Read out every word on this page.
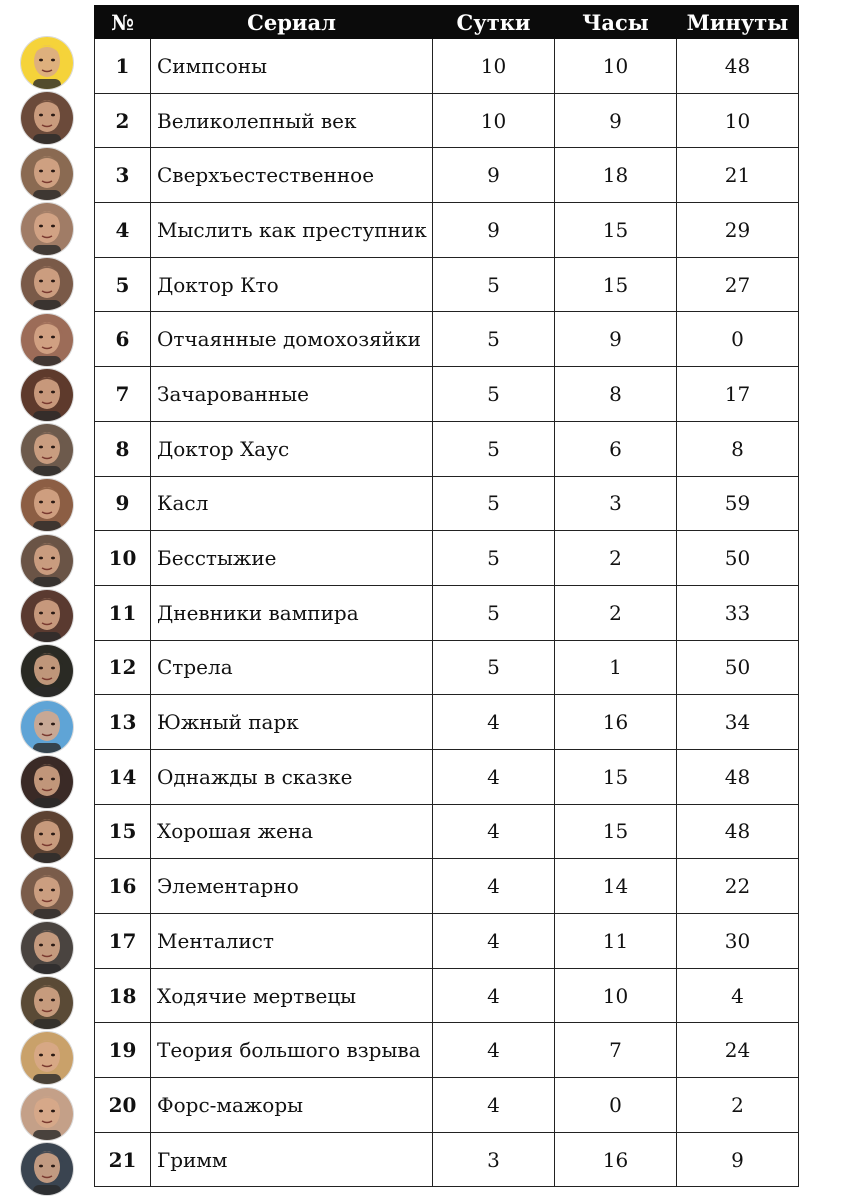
№	Сериал	Сутки	Часы	Минуты
1	Симпсоны	10	10	48
2	Великолепный век	10	9	10
3	Сверхъестественное	9	18	21
4	Мыслить как преступник	9	15	29
5	Доктор Кто	5	15	27
6	Отчаянные домохозяйки	5	9	0
7	Зачарованные	5	8	17
8	Доктор Хаус	5	6	8
9	Касл	5	3	59
10	Бесстыжие	5	2	50
11	Дневники вампира	5	2	33
12	Стрела	5	1	50
13	Южный парк	4	16	34
14	Однажды в сказке	4	15	48
15	Хорошая жена	4	15	48
16	Элементарно	4	14	22
17	Менталист	4	11	30
18	Ходячие мертвецы	4	10	4
19	Теория большого взрыва	4	7	24
20	Форс-мажоры	4	0	2
21	Гримм	3	16	9
